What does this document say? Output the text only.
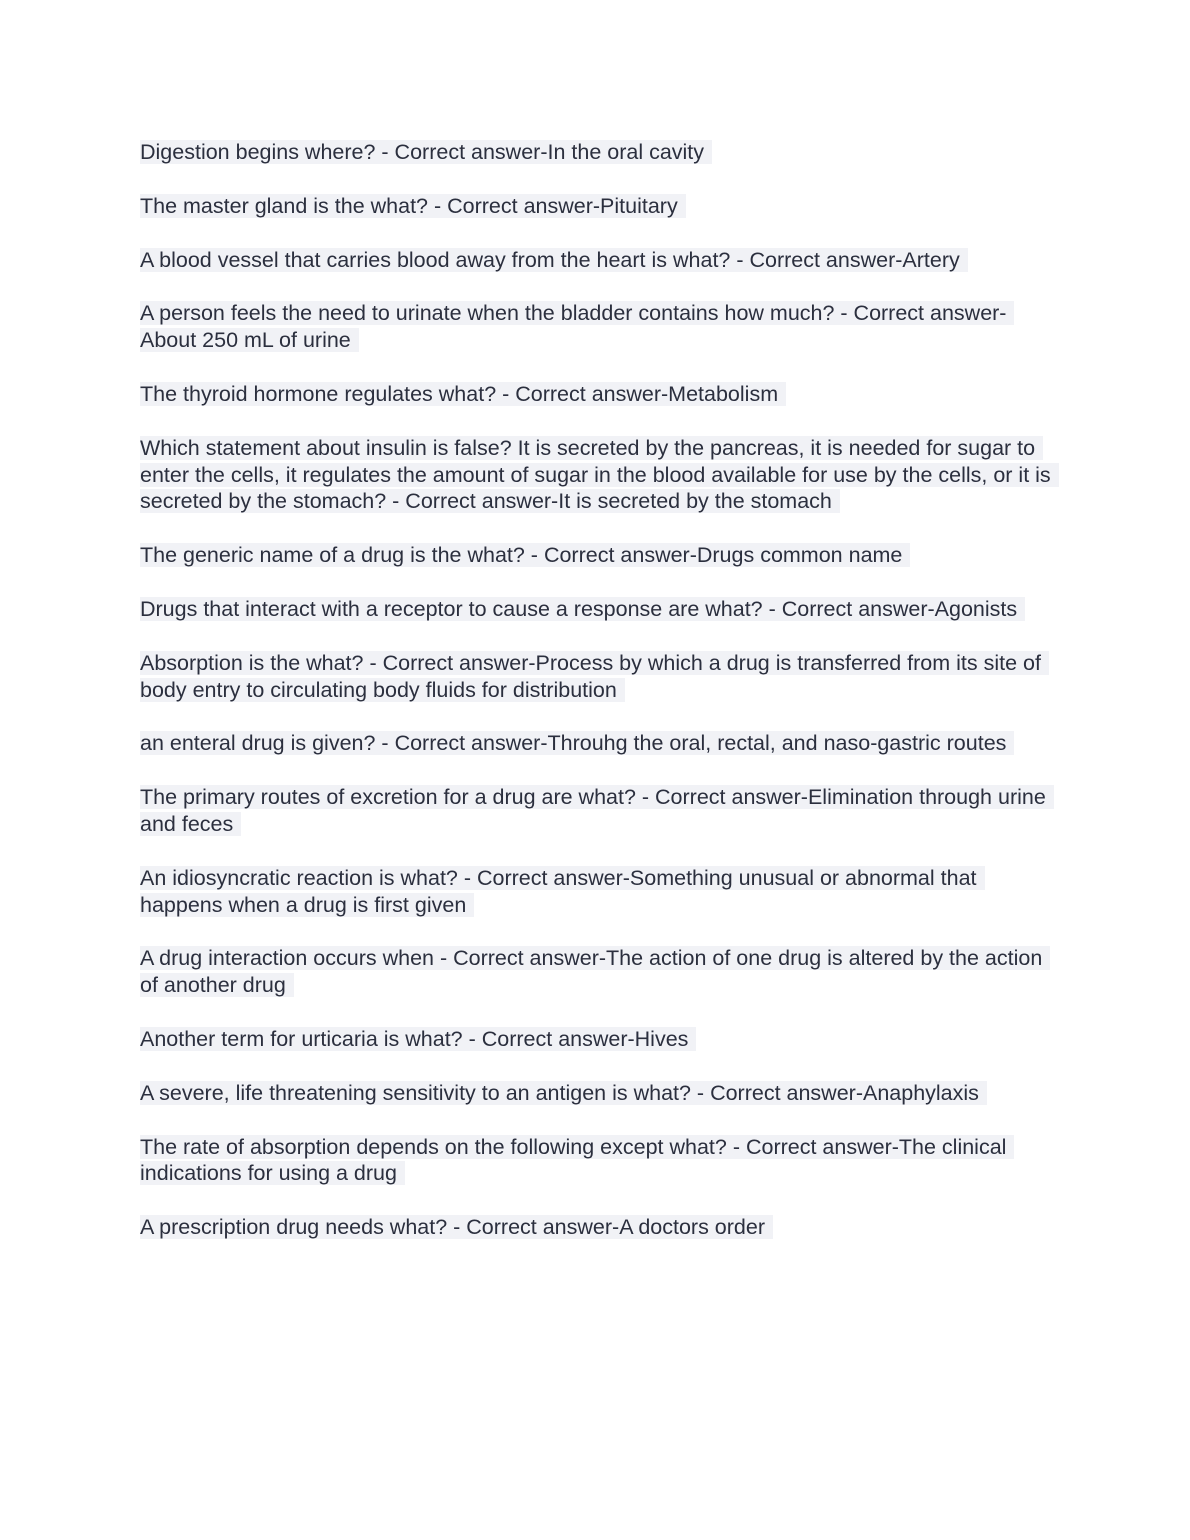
Digestion begins where? - Correct answer-In the oral cavity

The master gland is the what? - Correct answer-Pituitary

A blood vessel that carries blood away from the heart is what? - Correct answer-Artery

A person feels the need to urinate when the bladder contains how much? - Correct answer-About 250 mL of urine

The thyroid hormone regulates what? - Correct answer-Metabolism

Which statement about insulin is false? It is secreted by the pancreas, it is needed for sugar to enter the cells, it regulates the amount of sugar in the blood available for use by the cells, or it is secreted by the stomach? - Correct answer-It is secreted by the stomach

The generic name of a drug is the what? - Correct answer-Drugs common name

Drugs that interact with a receptor to cause a response are what? - Correct answer-Agonists

Absorption is the what? - Correct answer-Process by which a drug is transferred from its site of body entry to circulating body fluids for distribution

an enteral drug is given? - Correct answer-Throuhg the oral, rectal, and naso-gastric routes

The primary routes of excretion for a drug are what? - Correct answer-Elimination through urine and feces

An idiosyncratic reaction is what? - Correct answer-Something unusual or abnormal that happens when a drug is first given

A drug interaction occurs when - Correct answer-The action of one drug is altered by the action of another drug

Another term for urticaria is what? - Correct answer-Hives

A severe, life threatening sensitivity to an antigen is what? - Correct answer-Anaphylaxis

The rate of absorption depends on the following except what? - Correct answer-The clinical indications for using a drug

A prescription drug needs what? - Correct answer-A doctors order
